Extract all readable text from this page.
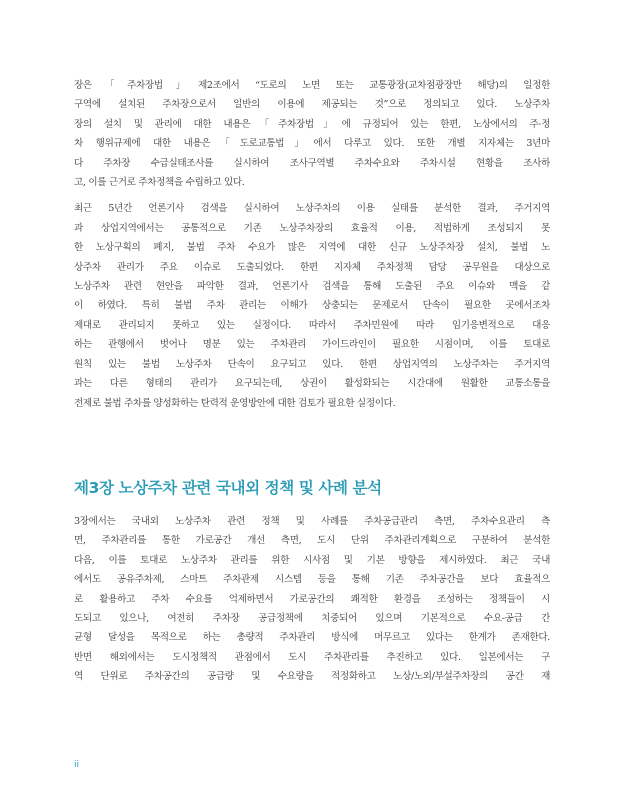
장은「주차장법」제2조에서 “도로의 노면 또는 교통광장(교차점광장만 해당)의 일정한
구역에 설치된 주차장으로서 일반의 이용에 제공되는 것”으로 정의되고 있다. 노상주차
장의 설치 및 관리에 대한 내용은「주차장법」에 규정되어 있는 한편, 노상에서의 주·정
차 행위규제에 대한 내용은「도로교통법」에서 다루고 있다. 또한 개별 지자체는 3년마
다 주차장 수급실태조사를 실시하여 조사구역별 주차수요와 주차시설 현황을 조사하
고, 이를 근거로 주차정책을 수립하고 있다.
최근 5년간 언론기사 검색을 실시하여 노상주차의 이용 실태를 분석한 결과, 주거지역
과 상업지역에서는 공통적으로 기존 노상주차장의 효율적 이용, 적법하게 조성되지 못
한 노상구획의 폐지, 불법 주차 수요가 많은 지역에 대한 신규 노상주차장 설치, 불법 노
상주차 관리가 주요 이슈로 도출되었다. 한편 지자체 주차정책 담당 공무원을 대상으로
노상주차 관련 현안을 파악한 결과, 언론기사 검색을 통해 도출된 주요 이슈와 맥을 같
이 하였다. 특히 불법 주차 관리는 이해가 상충되는 문제로서 단속이 필요한 곳에서조차
제대로 관리되지 못하고 있는 실정이다. 따라서 주차민원에 따라 임기응변적으로 대응
하는 관행에서 벗어나 명분 있는 주차관리 가이드라인이 필요한 시점이며, 이를 토대로
원칙 있는 불법 노상주차 단속이 요구되고 있다. 한편 상업지역의 노상주차는 주거지역
과는 다른 형태의 관리가 요구되는데, 상권이 활성화되는 시간대에 원활한 교통소통을
전제로 불법 주차를 양성화하는 탄력적 운영방안에 대한 검토가 필요한 실정이다.
제3장 노상주차 관련 국내외 정책 및 사례 분석
3장에서는 국내외 노상주차 관련 정책 및 사례를 주차공급관리 측면, 주차수요관리 측
면, 주차관리를 통한 가로공간 개선 측면, 도시 단위 주차관리계획으로 구분하여 분석한
다음, 이를 토대로 노상주차 관리를 위한 시사점 및 기본 방향을 제시하였다. 최근 국내
에서도 공유주차제, 스마트 주차관제 시스템 등을 통해 기존 주차공간을 보다 효율적으
로 활용하고 주차 수요를 억제하면서 가로공간의 쾌적한 환경을 조성하는 정책들이 시
도되고 있으나, 여전히 주차장 공급정책에 치중되어 있으며 기본적으로 수요-공급 간
균형 달성을 목적으로 하는 총량적 주차관리 방식에 머무르고 있다는 한계가 존재한다.
반면 해외에서는 도시정책적 관점에서 도시 주차관리를 추진하고 있다. 일본에서는 구
역 단위로 주차공간의 공급량 및 수요량을 적정화하고 노상/노외/부설주차장의 공간 재
ii
